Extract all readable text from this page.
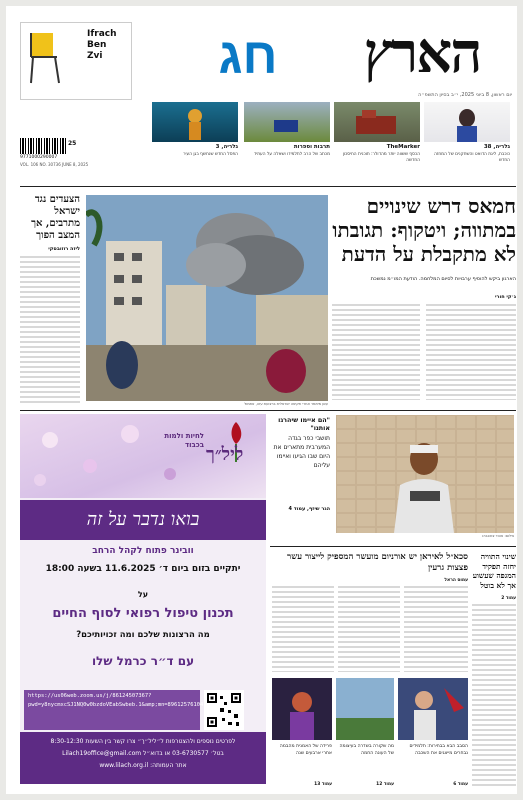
הארץ
יום ראשון, 8 ביוני 2025, י״ב בסיון התשפ״ה
חג
Ifrach
Ben
Zvi
9771000290007
25
VOL. 106 NO. 30736 JUNE 8, 2025
גלריה, 38
כוכבת, ליגת הדואט והשחקנים של המחזה החדש
TheMarker
הכסף ששווה יותר מהדולר: תוכנית החיסכון החדשה
תרבות וספרות
מכתב של הרב לתלמידו ושאלה על העתיד
גלריה, 3
הפסל החדש שנחשף בגן העיר
הצעדים נגד ישראל מתרבים, אך המצב הפוך
ליזה רוזובסקי
עשן מיתמר אחרי תקיפה ישראלית ברצועת עזה, אתמול
חמאס דרש שינויים במתווה; ויטקוף: תגובתו לא מתקבלת על הדעת
הארגון ביקש להוסיף ערבויות לסיום המלחמה. הודעת המו״מ נמשכת
ג׳קי חורי
ליל״ך
לחיות ולמות בכבוד
בואו נדבר על זה
וובינר פתוח לקהל הרחב
יתקיים בזום ביום ד׳ 11.6.2025 בשעה 18:00
על
תכנון טיפול רפואי לסוף החיים
מה הרצונות שלכם ומה זכויותיכם?
עם ד״ר כרמל שלו
https://us06web.zoom.us/j/86124507367?pwd=y8nycmxcSJ1NQ0w0bzdoVEabSwbeb.1&amp;mn=89612576104
לפרטים נוספים ולהצטרפות ל״ליל״ך״ צרו קשר בין השעות 8:30-12:30
בטל׳ 03-6730577 או בדוא״ל Lilach19office@gmail.com
אתר העמותה: www.lilach.org.il
"הם איימו שיהרגו אותנו"
תושבי כפר בגדה המערבית מתארים את היום שבו הגיעו ואיימו עליהם
הגר שיזף, עמוד 4
צילום: אוהד צויגנברג
סכא״ל לאיראן יש אורניום מועשר המספיק לייצור עשר פצצות גרעין
עמוס הראל
שינוי התוויה יחזה תפקיד המגפה שעשוע אך לא בוטל
עמוד 2
הסבב הבא בבחירות: תלמידים נבחרים מייצגים את השכבה
מה שקורה בשדרה בעיצומה של העונה החמה
פרידה של האמנית מהבמה אחרי ארבעים שנה
עמוד 6
עמוד 12
עמוד 13
